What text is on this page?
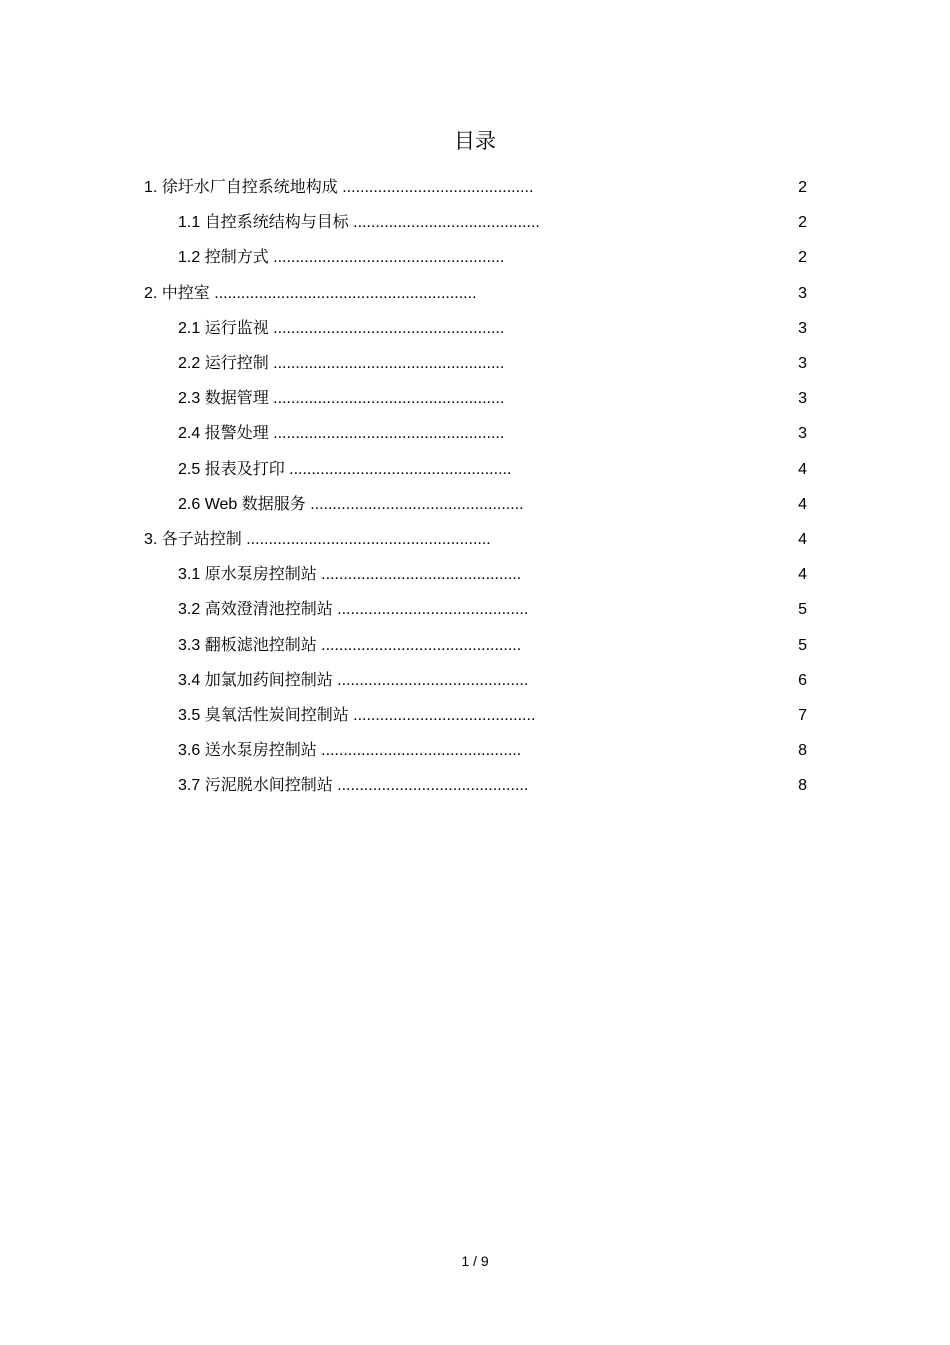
目录
1. 徐圩水厂自控系统地构成 ...........................................	2
1.1 自控系统结构与目标 ..........................................	2
1.2 控制方式 ....................................................	2
2. 中控室 ...........................................................	3
2.1 运行监视 ....................................................	3
2.2 运行控制 ....................................................	3
2.3 数据管理 ....................................................	3
2.4 报警处理 ....................................................	3
2.5 报表及打印 ..................................................	4
2.6 Web 数据服务 ................................................	4
3. 各子站控制 .......................................................	4
3.1 原水泵房控制站 .............................................	4
3.2 高效澄清池控制站 ...........................................	5
3.3 翻板滤池控制站 .............................................	5
3.4 加氯加药间控制站 ...........................................	6
3.5 臭氧活性炭间控制站 .........................................	7
3.6 送水泵房控制站 .............................................	8
3.7 污泥脱水间控制站 ...........................................	8
1 / 9
